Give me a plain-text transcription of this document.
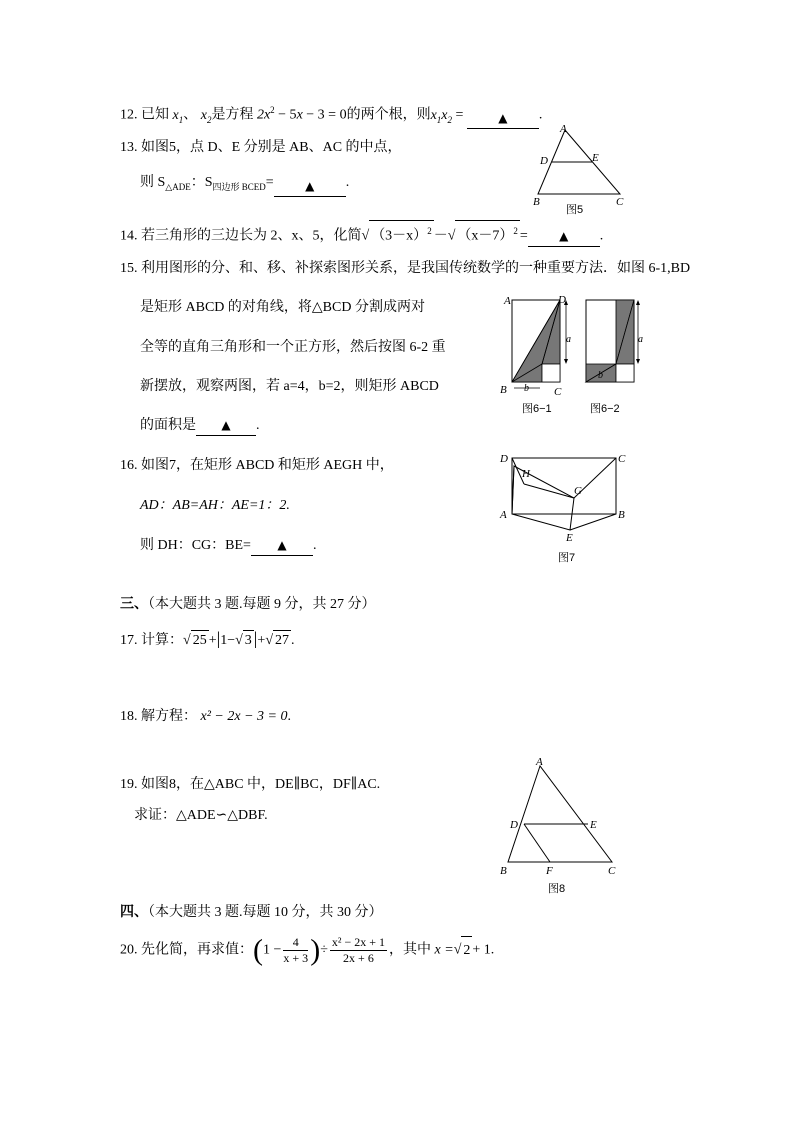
12. 已知 $x_1$、 $x_2$是方程 $2x^2 - 5x - 3 = 0$的两个根，则$x_1x_2$ =	▲ .
13. 如图5，点 D、E 分别是 AB、AC 的中点，
则 $S_{\triangle ADE}$：$S_{四边形 BCED}=$	▲ .
A
D	E
B	C
图5
14. 若三角形的三边长为 2、x、5，化简√ $(3-x)^2$ －√ $(x-7)^2$ =	▲ .
15. 利用图形的分、和、移、补探索图形关系，是我国传统数学的一种重要方法．如图 6-1,BD
是矩形 ABCD 的对角线，将△BCD 分割成两对
全等的直角三角形和一个正方形，然后按图 6-2 重
新摆放，观察两图，若 a=4，b=2，则矩形 ABCD
的面积是 ▲ .
a
b
A	D
B	C
图6−1
a
b
图6−2
16. 如图7，在矩形 ABCD 和矩形 AEGH 中，
AD：AB=AH：AE=1：2.
则 DH：CG：BE= ▲ .
D	C
H
G
A	B
E
图7
三、（本大题共 3 题.每题 9 分，共 27 分）
17. 计算：√ 25 +|1−√ 3 |+√ 27 .
18. 解方程： x² − 2x − 3 = 0.
19. 如图8，在△ABC 中，DE∥BC，DF∥AC.
求证：△ADE∽△DBF.
A
D	E
B	F	C
图8
四、（本大题共 3 题.每题 10 分，共 30 分）
20. 先化简，再求值：($1 - \frac{4}{x + 3}$ )÷ $\frac{\text{x² − 2x + 1}}{2x + 6}$ ，其中 x =√ 2 + 1.
